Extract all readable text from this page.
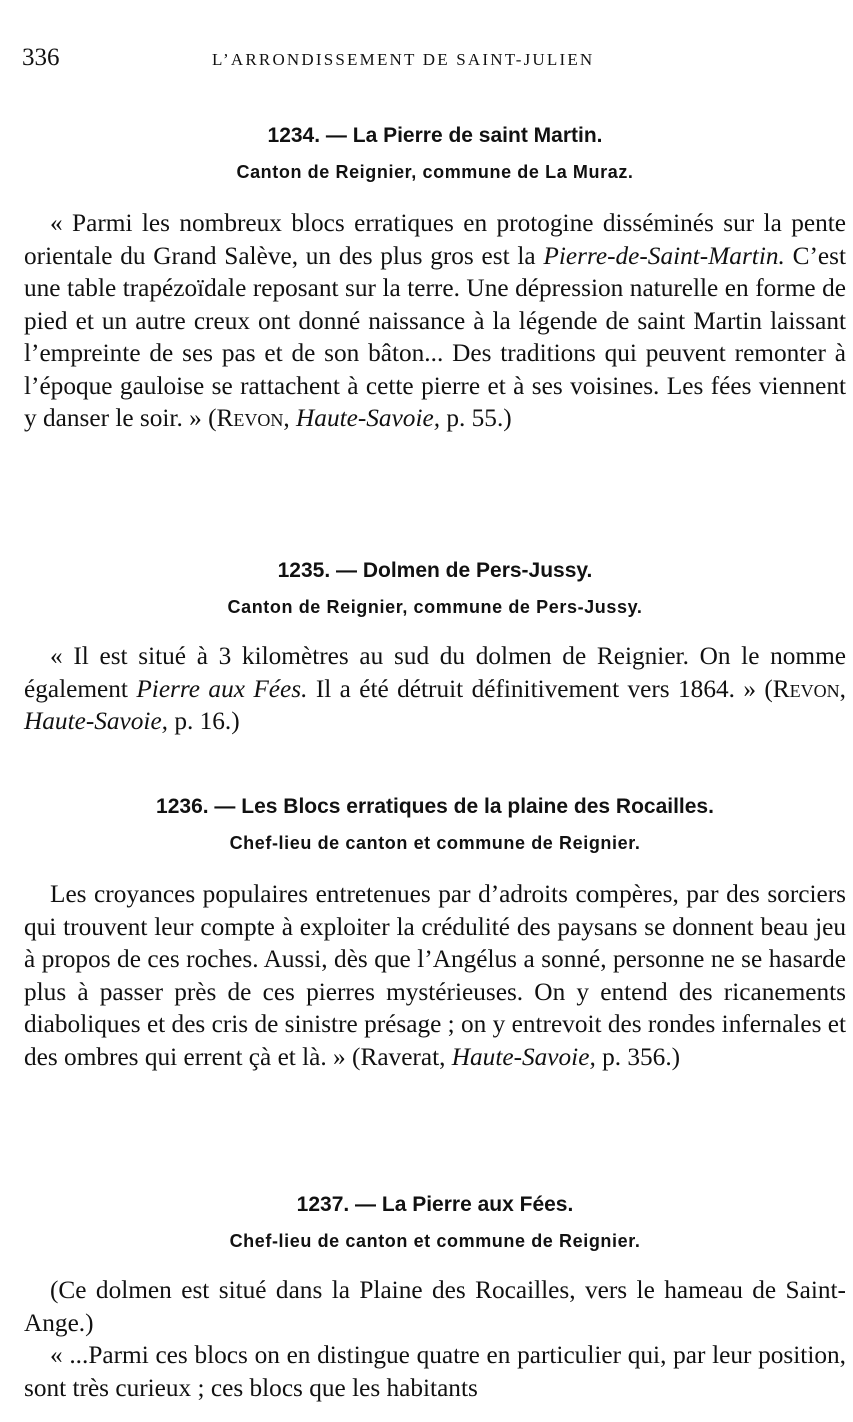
336	L’ARRONDISSEMENT DE SAINT-JULIEN
1234. — La Pierre de saint Martin.

Canton de Reignier, commune de La Muraz.

« Parmi les nombreux blocs erratiques en protogine disséminés sur la pente orientale du Grand Salève, un des plus gros est la Pierre-de-Saint-Martin. C’est une table trapézoïdale reposant sur la terre. Une dépression naturelle en forme de pied et un autre creux ont donné naissance à la légende de saint Martin laissant l’empreinte de ses pas et de son bâton... Des traditions qui peuvent remonter à l’époque gauloise se rattachent à cette pierre et à ses voisines. Les fées viennent y danser le soir. » (Revon, Haute-Savoie, p. 55.)

1235. — Dolmen de Pers-Jussy.

Canton de Reignier, commune de Pers-Jussy.

« Il est situé à 3 kilomètres au sud du dolmen de Reignier. On le nomme également Pierre aux Fées. Il a été détruit définitivement vers 1864. » (Revon, Haute-Savoie, p. 16.)

1236. — Les Blocs erratiques de la plaine des Rocailles.

Chef-lieu de canton et commune de Reignier.

Les croyances populaires entretenues par d’adroits compères, par des sorciers qui trouvent leur compte à exploiter la crédulité des paysans se donnent beau jeu à propos de ces roches. Aussi, dès que l’Angélus a sonné, personne ne se hasarde plus à passer près de ces pierres mystérieuses. On y entend des ricanements diaboliques et des cris de sinistre présage ; on y entrevoit des rondes infernales et des ombres qui errent çà et là. » (Raverat, Haute-Savoie, p. 356.)

1237. — La Pierre aux Fées.

Chef-lieu de canton et commune de Reignier.

(Ce dolmen est situé dans la Plaine des Rocailles, vers le hameau de Saint-Ange.)

« ...Parmi ces blocs on en distingue quatre en particulier qui, par leur position, sont très curieux ; ces blocs que les habitants
